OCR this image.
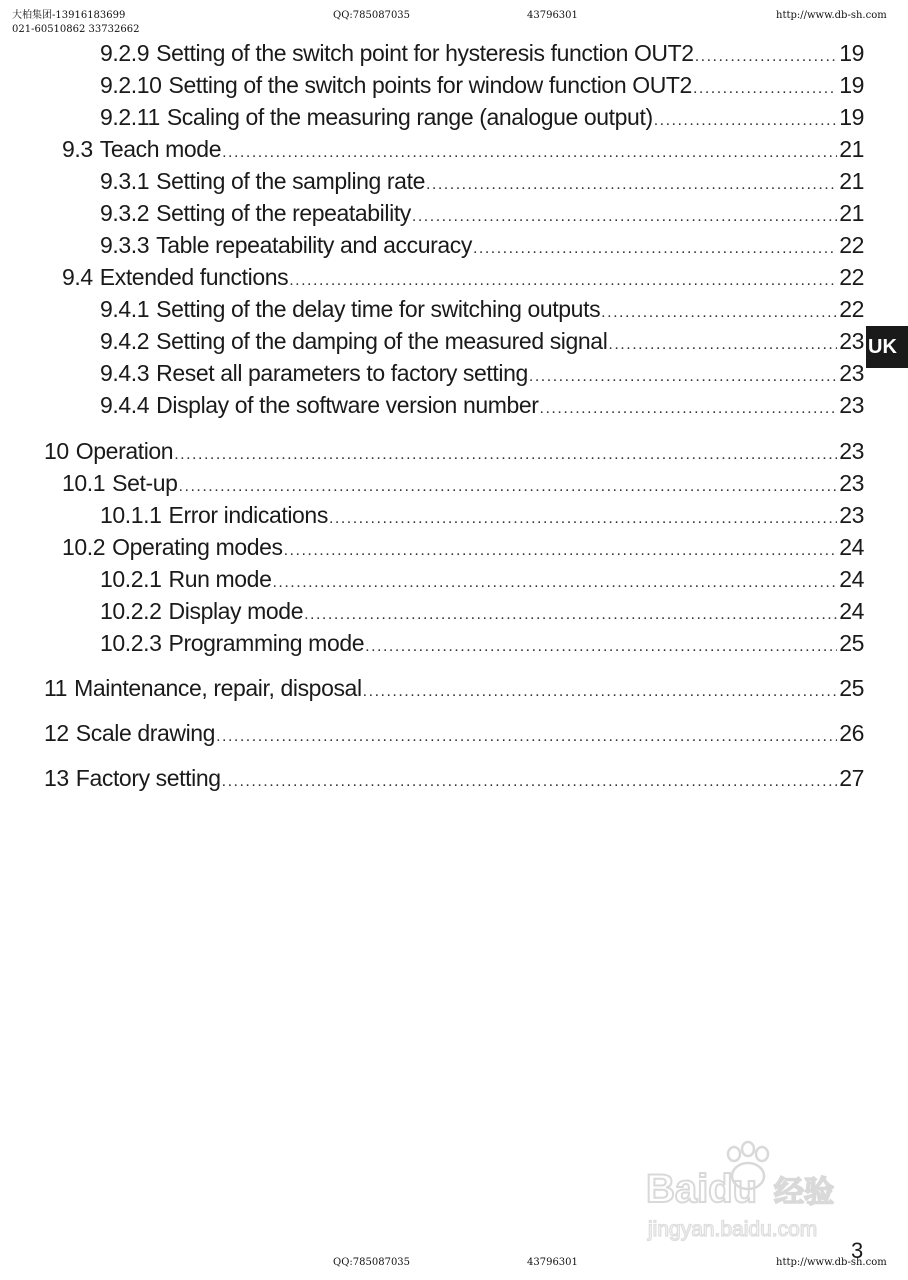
大柏集团-13916183699
021-60510862 33732662
QQ:785087035	43796301	http://www.db-sh.com
9.2.9 Setting of the switch point for hysteresis function OUT2 .....	19
9.2.10 Setting of the switch points for window function OUT2 .....	19
9.2.11 Scaling of the measuring range (analogue output) .....	19
9.3 Teach mode .....	21
9.3.1 Setting of the sampling rate .....	21
9.3.2 Setting of the repeatability .....	21
9.3.3 Table repeatability and accuracy .....	22
9.4 Extended functions .....	22
9.4.1 Setting of the delay time for switching outputs .....	22
9.4.2 Setting of the damping of the measured signal .....	23
9.4.3 Reset all parameters to factory setting .....	23
9.4.4 Display of the software version number .....	23
10 Operation .....	23
10.1 Set-up .....	23
10.1.1 Error indications .....	23
10.2 Operating modes .....	24
10.2.1 Run mode .....	24
10.2.2 Display mode .....	24
10.2.3 Programming mode .....	25
11 Maintenance, repair, disposal .....	25
12 Scale drawing .....	26
13 Factory setting .....	27
UK
Baidu 经验
jingyan.baidu.com
QQ:785087035	43796301	http://www.db-sh.com
3
